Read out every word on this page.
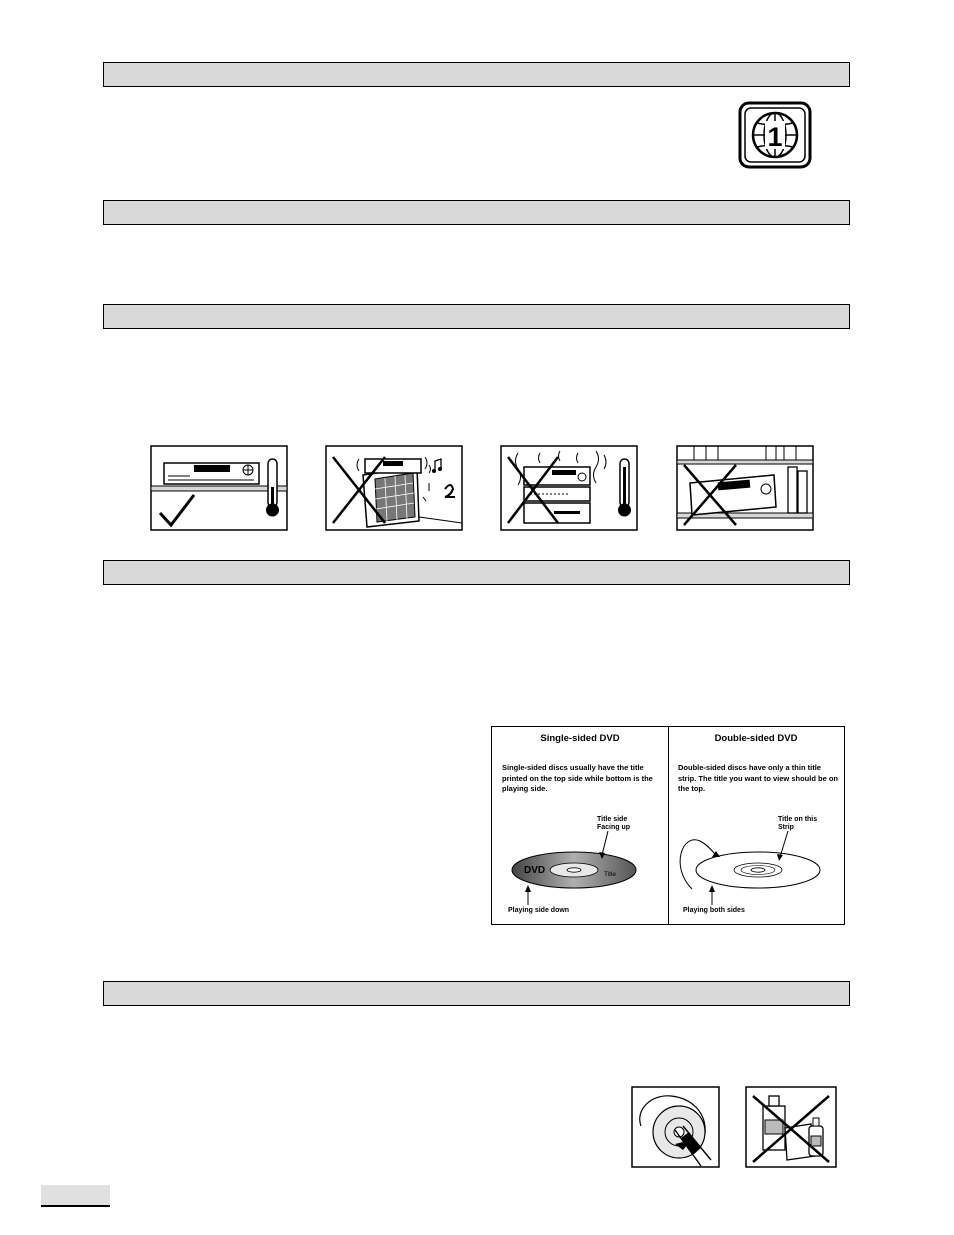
1
Single-sided DVD
Single-sided discs usually have the title printed on the top side while bottom is the playing side.
Title side
Facing up
DVD	Title
Playing side down
Double-sided DVD
Double-sided discs have only a thin title strip. The title you want to view should be on the top.
Title on this
Strip
Playing both sides
